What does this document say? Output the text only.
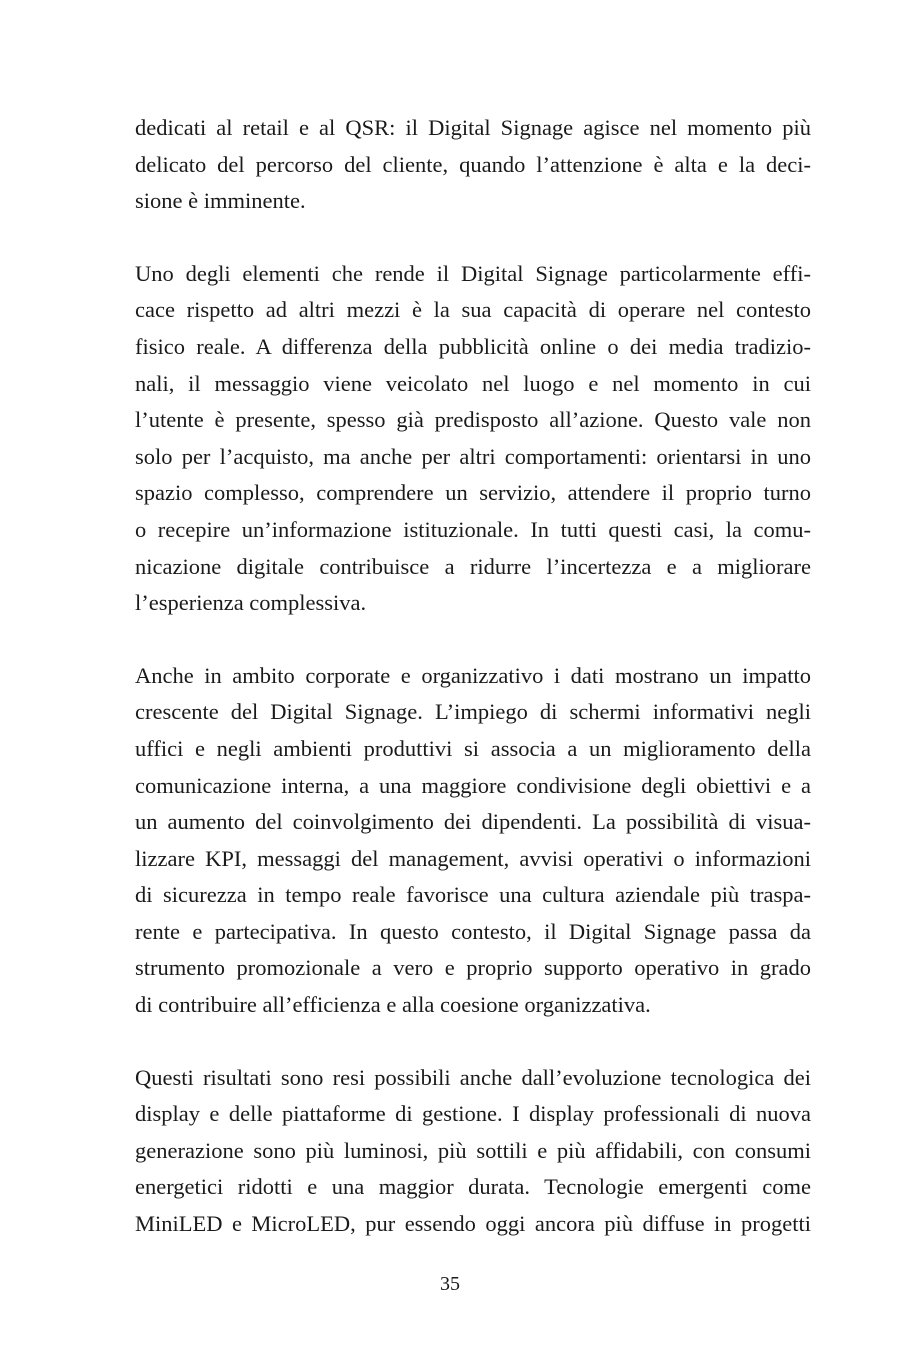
dedicati al retail e al QSR: il Digital Signage agisce nel momento più
delicato del percorso del cliente, quando l’attenzione è alta e la deci-
sione è imminente.
Uno degli elementi che rende il Digital Signage particolarmente effi-
cace rispetto ad altri mezzi è la sua capacità di operare nel contesto
fisico reale. A differenza della pubblicità online o dei media tradizio-
nali, il messaggio viene veicolato nel luogo e nel momento in cui
l’utente è presente, spesso già predisposto all’azione. Questo vale non
solo per l’acquisto, ma anche per altri comportamenti: orientarsi in uno
spazio complesso, comprendere un servizio, attendere il proprio turno
o recepire un’informazione istituzionale. In tutti questi casi, la comu-
nicazione digitale contribuisce a ridurre l’incertezza e a migliorare
l’esperienza complessiva.
Anche in ambito corporate e organizzativo i dati mostrano un impatto
crescente del Digital Signage. L’impiego di schermi informativi negli
uffici e negli ambienti produttivi si associa a un miglioramento della
comunicazione interna, a una maggiore condivisione degli obiettivi e a
un aumento del coinvolgimento dei dipendenti. La possibilità di visua-
lizzare KPI, messaggi del management, avvisi operativi o informazioni
di sicurezza in tempo reale favorisce una cultura aziendale più traspa-
rente e partecipativa. In questo contesto, il Digital Signage passa da
strumento promozionale a vero e proprio supporto operativo in grado
di contribuire all’efficienza e alla coesione organizzativa.
Questi risultati sono resi possibili anche dall’evoluzione tecnologica dei
display e delle piattaforme di gestione. I display professionali di nuova
generazione sono più luminosi, più sottili e più affidabili, con consumi
energetici ridotti e una maggior durata. Tecnologie emergenti come
MiniLED e MicroLED, pur essendo oggi ancora più diffuse in progetti
35
